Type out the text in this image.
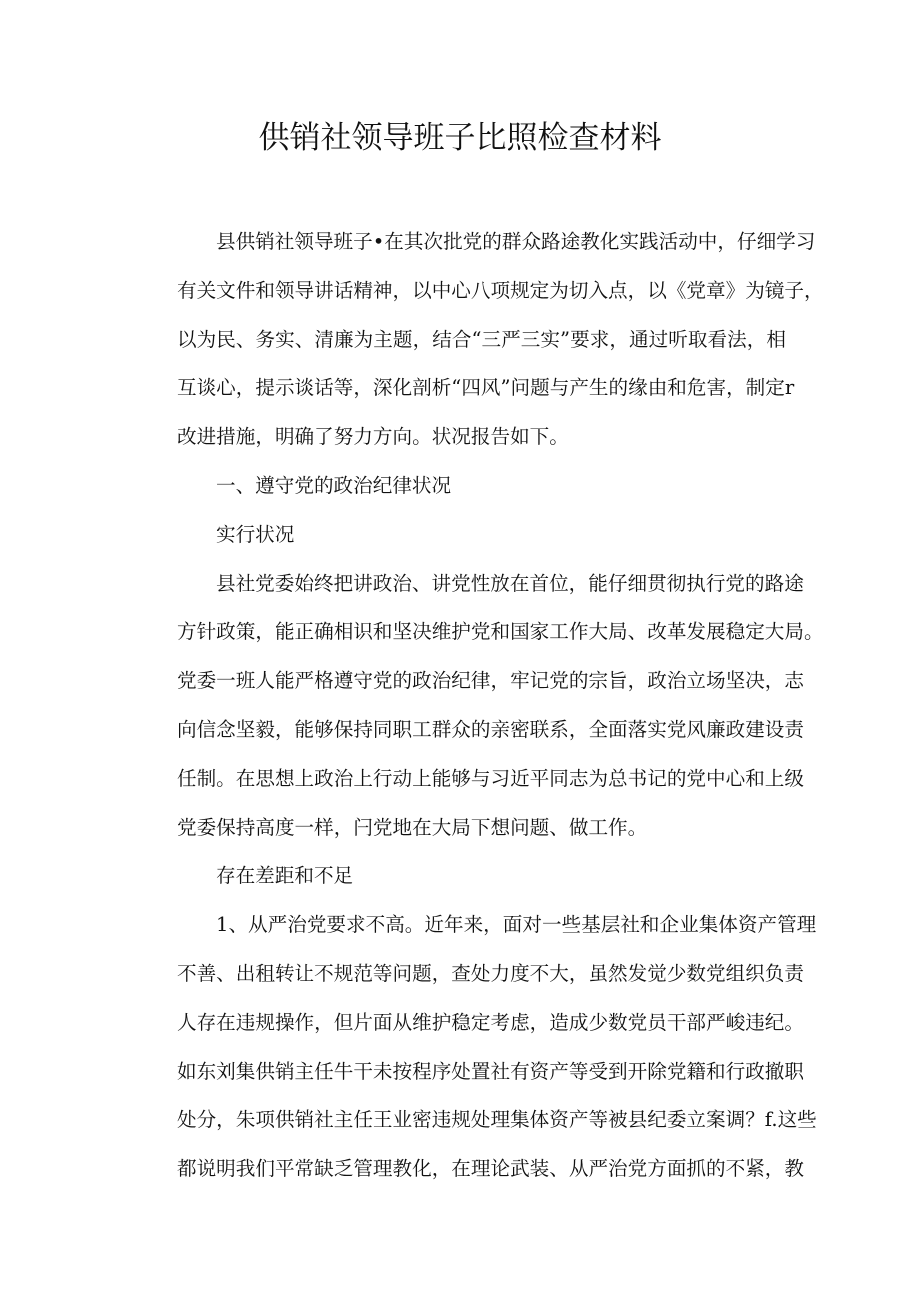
供销社领导班子比照检查材料
县供销社领导班子•在其次批党的群众路途教化实践活动中，仔细学习
有关文件和领导讲话精神，以中心八项规定为切入点，以《党章》为镜子，
以为民、务实、清廉为主题，结合“三严三实”要求，通过听取看法，相
互谈心，提示谈话等，深化剖析“四风”问题与产生的缘由和危害，制定r
改进措施，明确了努力方向。状况报告如下。
一、遵守党的政治纪律状况
实行状况
县社党委始终把讲政治、讲党性放在首位，能仔细贯彻执行党的路途
方针政策，能正确相识和坚决维护党和国家工作大局、改革发展稳定大局。
党委一班人能严格遵守党的政治纪律，牢记党的宗旨，政治立场坚决，志
向信念坚毅，能够保持同职工群众的亲密联系，全面落实党风廉政建设责
任制。在思想上政治上行动上能够与习近平同志为总书记的党中心和上级
党委保持高度一样，闩党地在大局下想问题、做工作。
存在差距和不足
1、从严治党要求不高。近年来，面对一些基层社和企业集体资产管理
不善、出租转让不规范等问题，查处力度不大，虽然发觉少数党组织负责
人存在违规操作，但片面从维护稳定考虑，造成少数党员干部严峻违纪。
如东刘集供销主任牛干未按程序处置社有资产等受到开除党籍和行政撤职
处分，朱项供销社主任王业密违规处理集体资产等被县纪委立案调？f.这些
都说明我们平常缺乏管理教化，在理论武装、从严治党方面抓的不紧，教
